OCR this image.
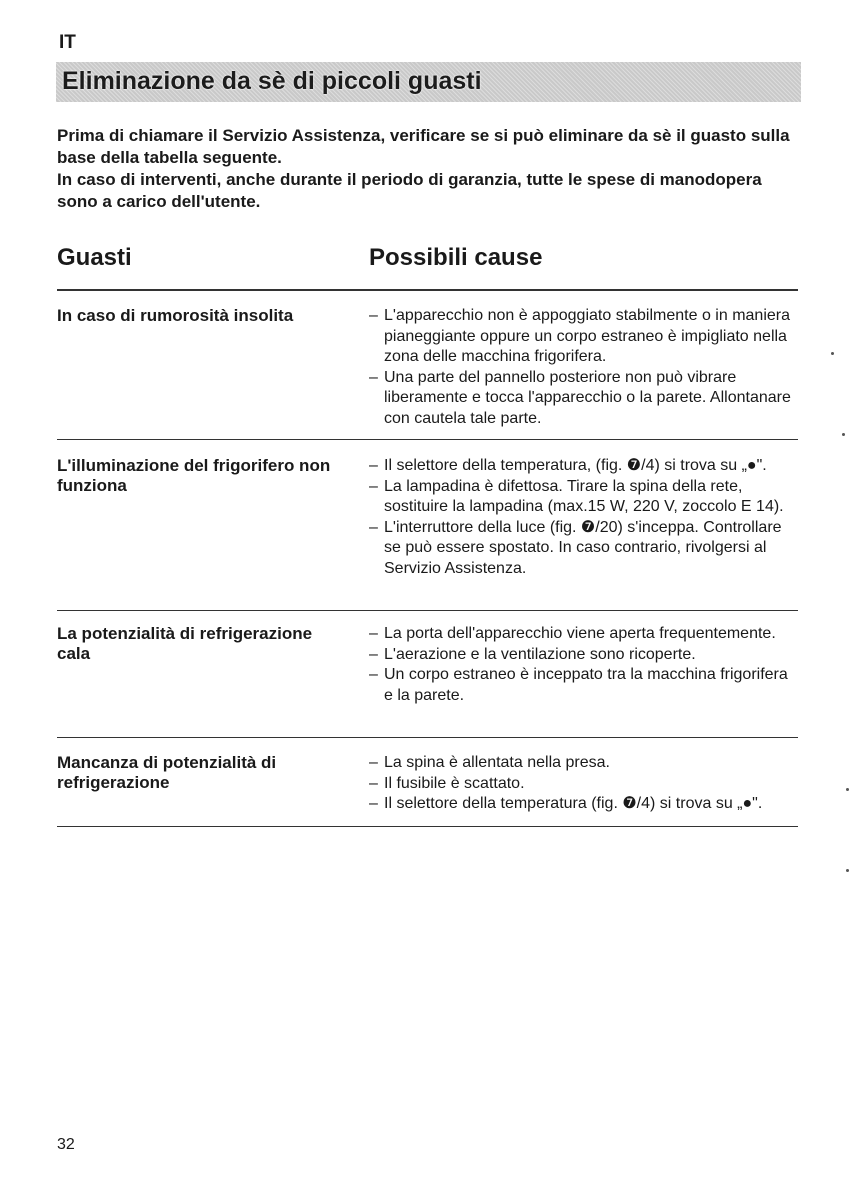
IT
Eliminazione da sè di piccoli guasti

Prima di chiamare il Servizio Assistenza, verificare se si può eliminare da sè il guasto sulla base della tabella seguente.

In caso di interventi, anche durante il periodo di garanzia, tutte le spese di manodopera sono a carico dell'utente.

Guasti	Possibili cause
In caso di rumorosità insolita
–	L'apparecchio non è appoggiato stabilmente o in maniera pianeggiante oppure un corpo estraneo è impigliato nella zona delle macchina frigorifera.
– Una parte del pannello posteriore non può vibrare liberamente e tocca l'apparecchio o la parete. Allontanare con cautela tale parte.
L'illuminazione del frigorifero non funziona
– Il selettore della temperatura, (fig. ❼/4) si trova su „●".
– La lampadina è difettosa. Tirare la spina della rete, sostituire la lampadina (max.15 W, 220 V, zoccolo E 14).
– L'interruttore della luce (fig. ❼/20) s'inceppa. Controllare se può essere spostato. In caso contrario, rivolgersi al Servizio Assistenza.
La potenzialità di refrigerazione cala
– La porta dell'apparecchio viene aperta frequentemente.
– L'aerazione e la ventilazione sono ricoperte.
– Un corpo estraneo è inceppato tra la macchina frigorifera e la parete.
Mancanza di potenzialità di refrigerazione
– La spina è allentata nella presa.
– Il fusibile è scattato.
– Il selettore della temperatura (fig. ❼/4) si trova su „●".
32
